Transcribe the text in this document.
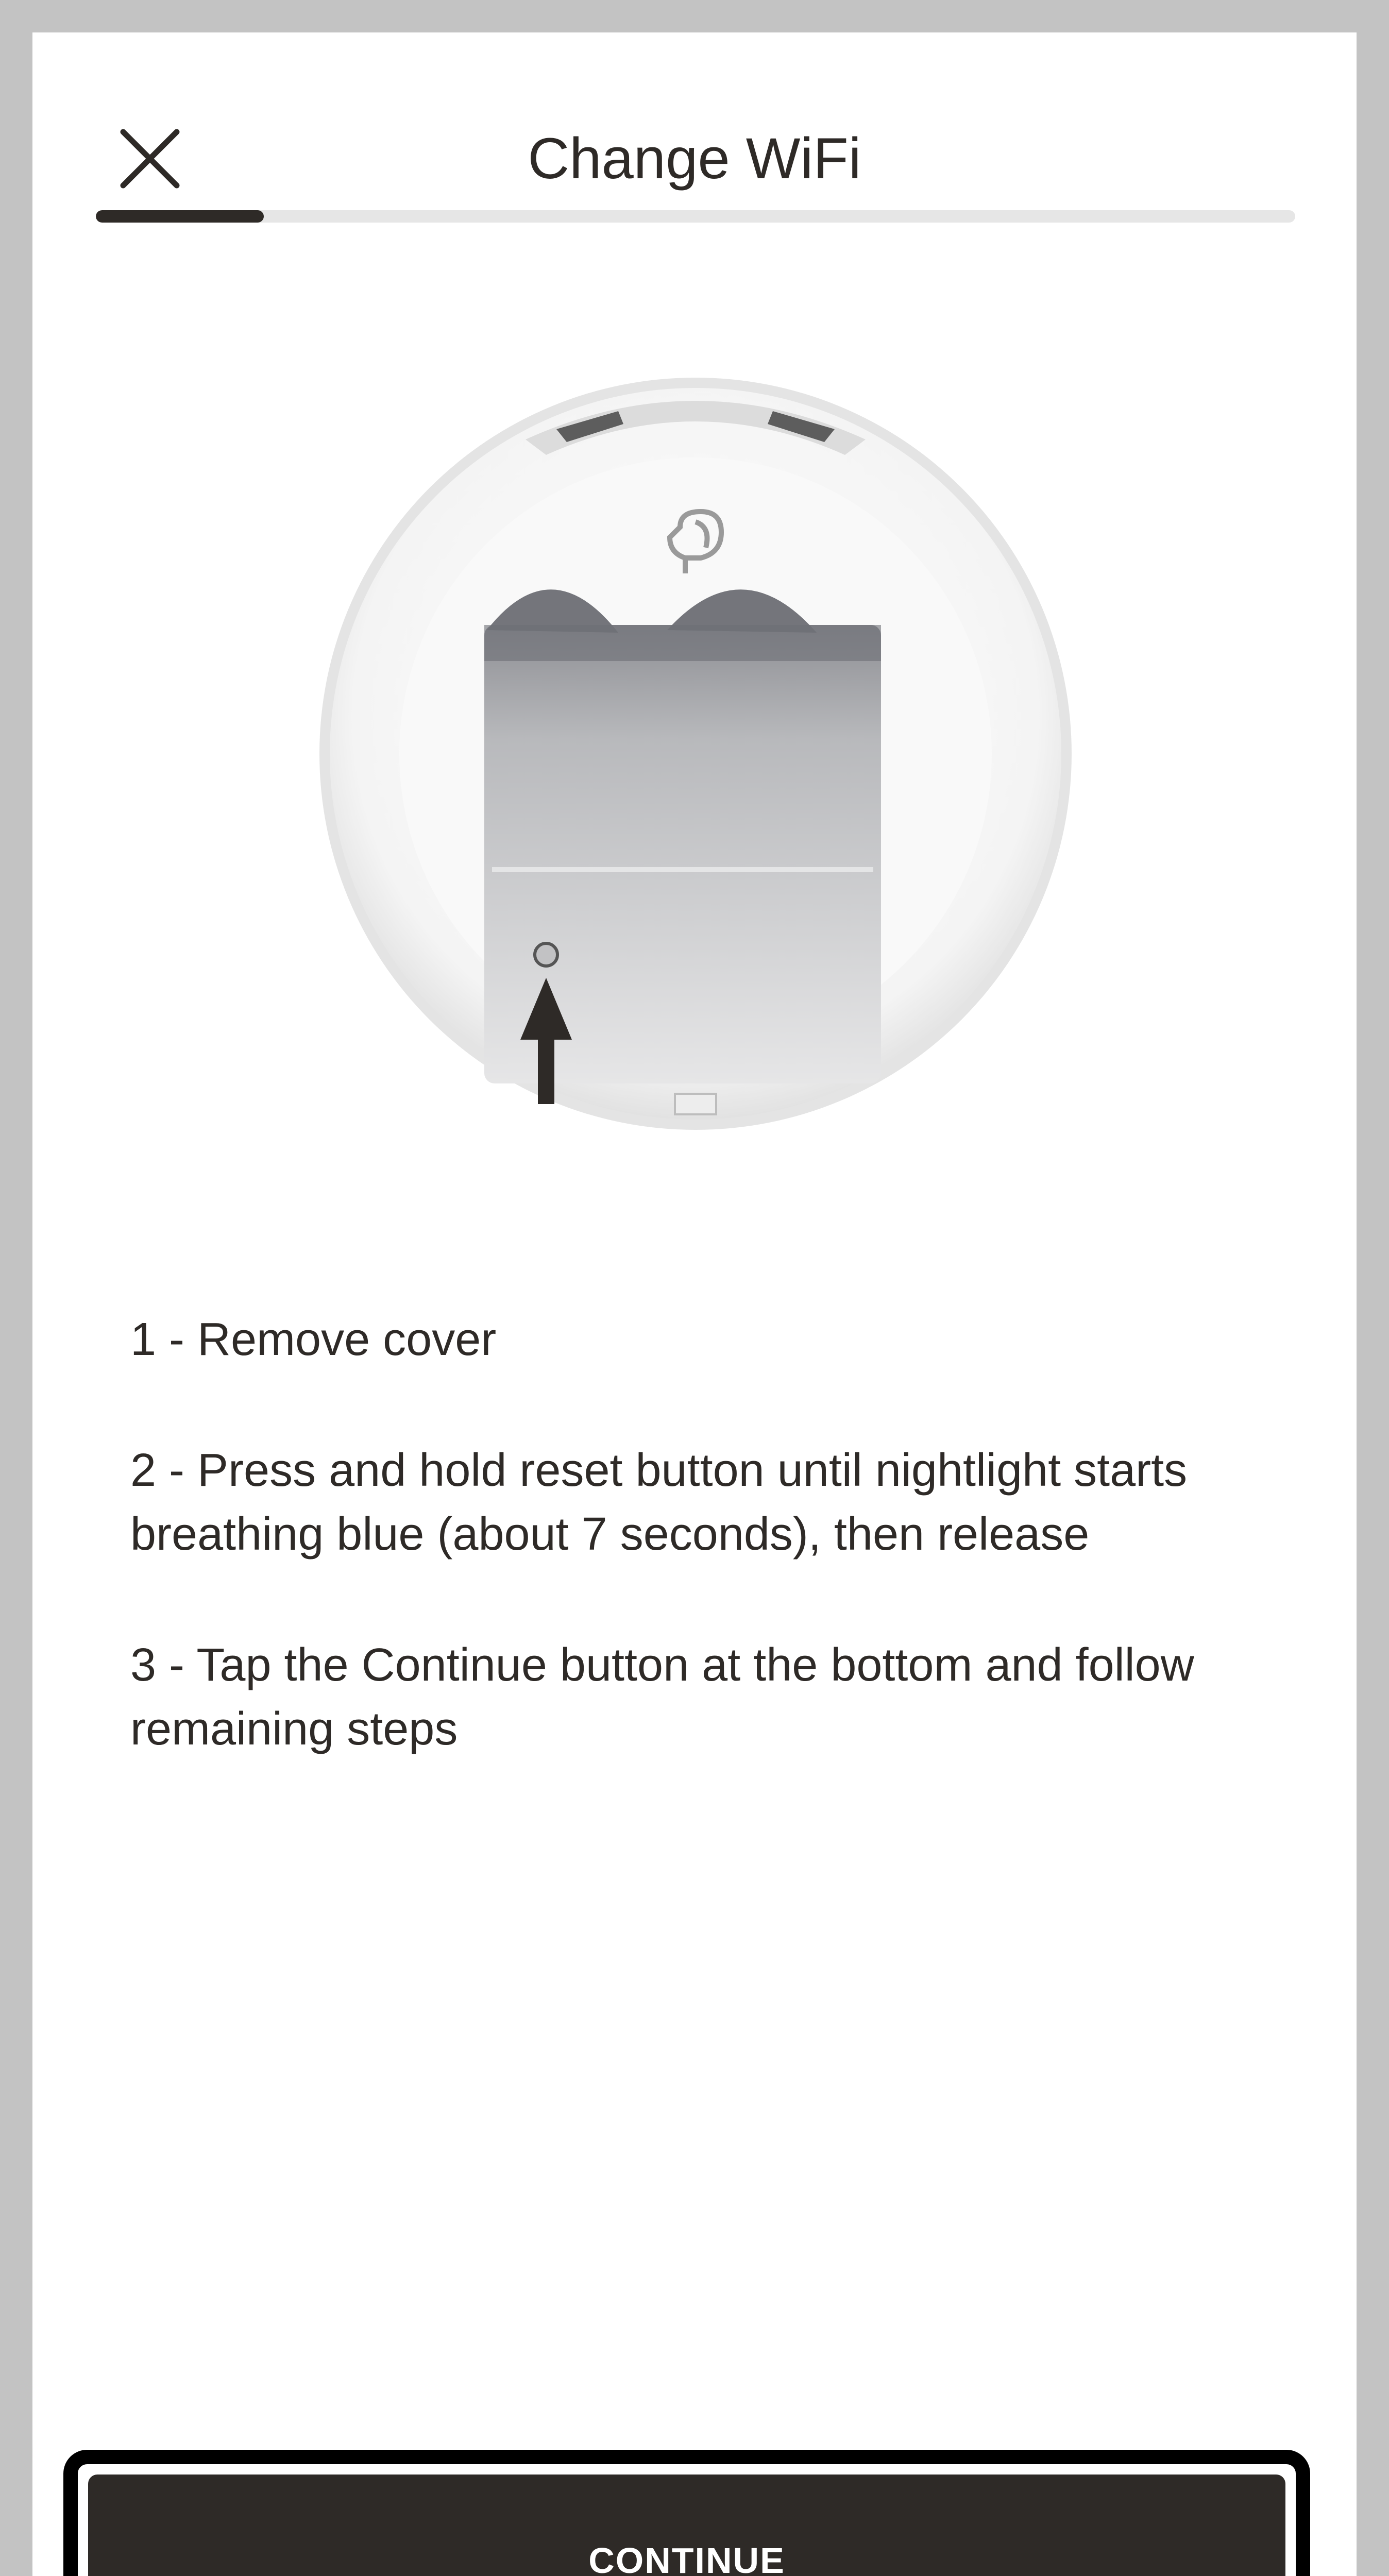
Change WiFi

1 - Remove cover

2 - Press and hold reset button until nightlight starts breathing blue (about 7 seconds), then release

3 - Tap the Continue button at the bottom and follow remaining steps

CONTINUE
